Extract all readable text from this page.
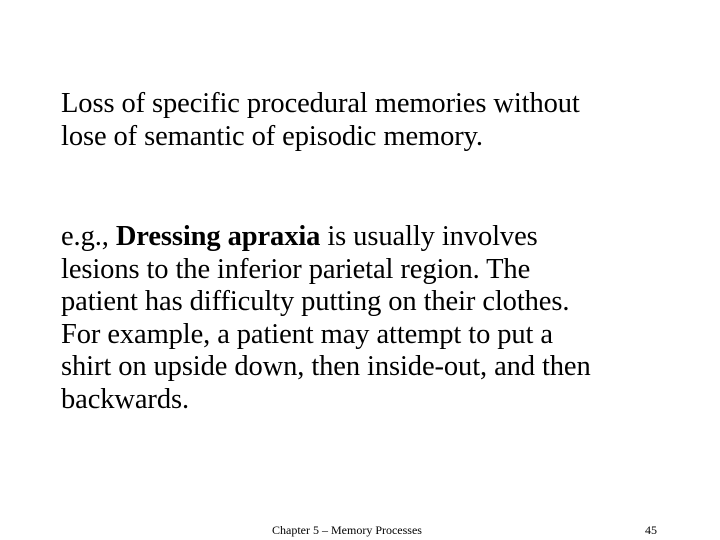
Loss of specific procedural memories without
lose of semantic of episodic memory.

e.g., Dressing apraxia is usually involves
lesions to the inferior parietal region. The
patient has difficulty putting on their clothes.
For example, a patient may attempt to put a
shirt on upside down, then inside-out, and then
backwards.

Chapter 5 – Memory Processes	45
